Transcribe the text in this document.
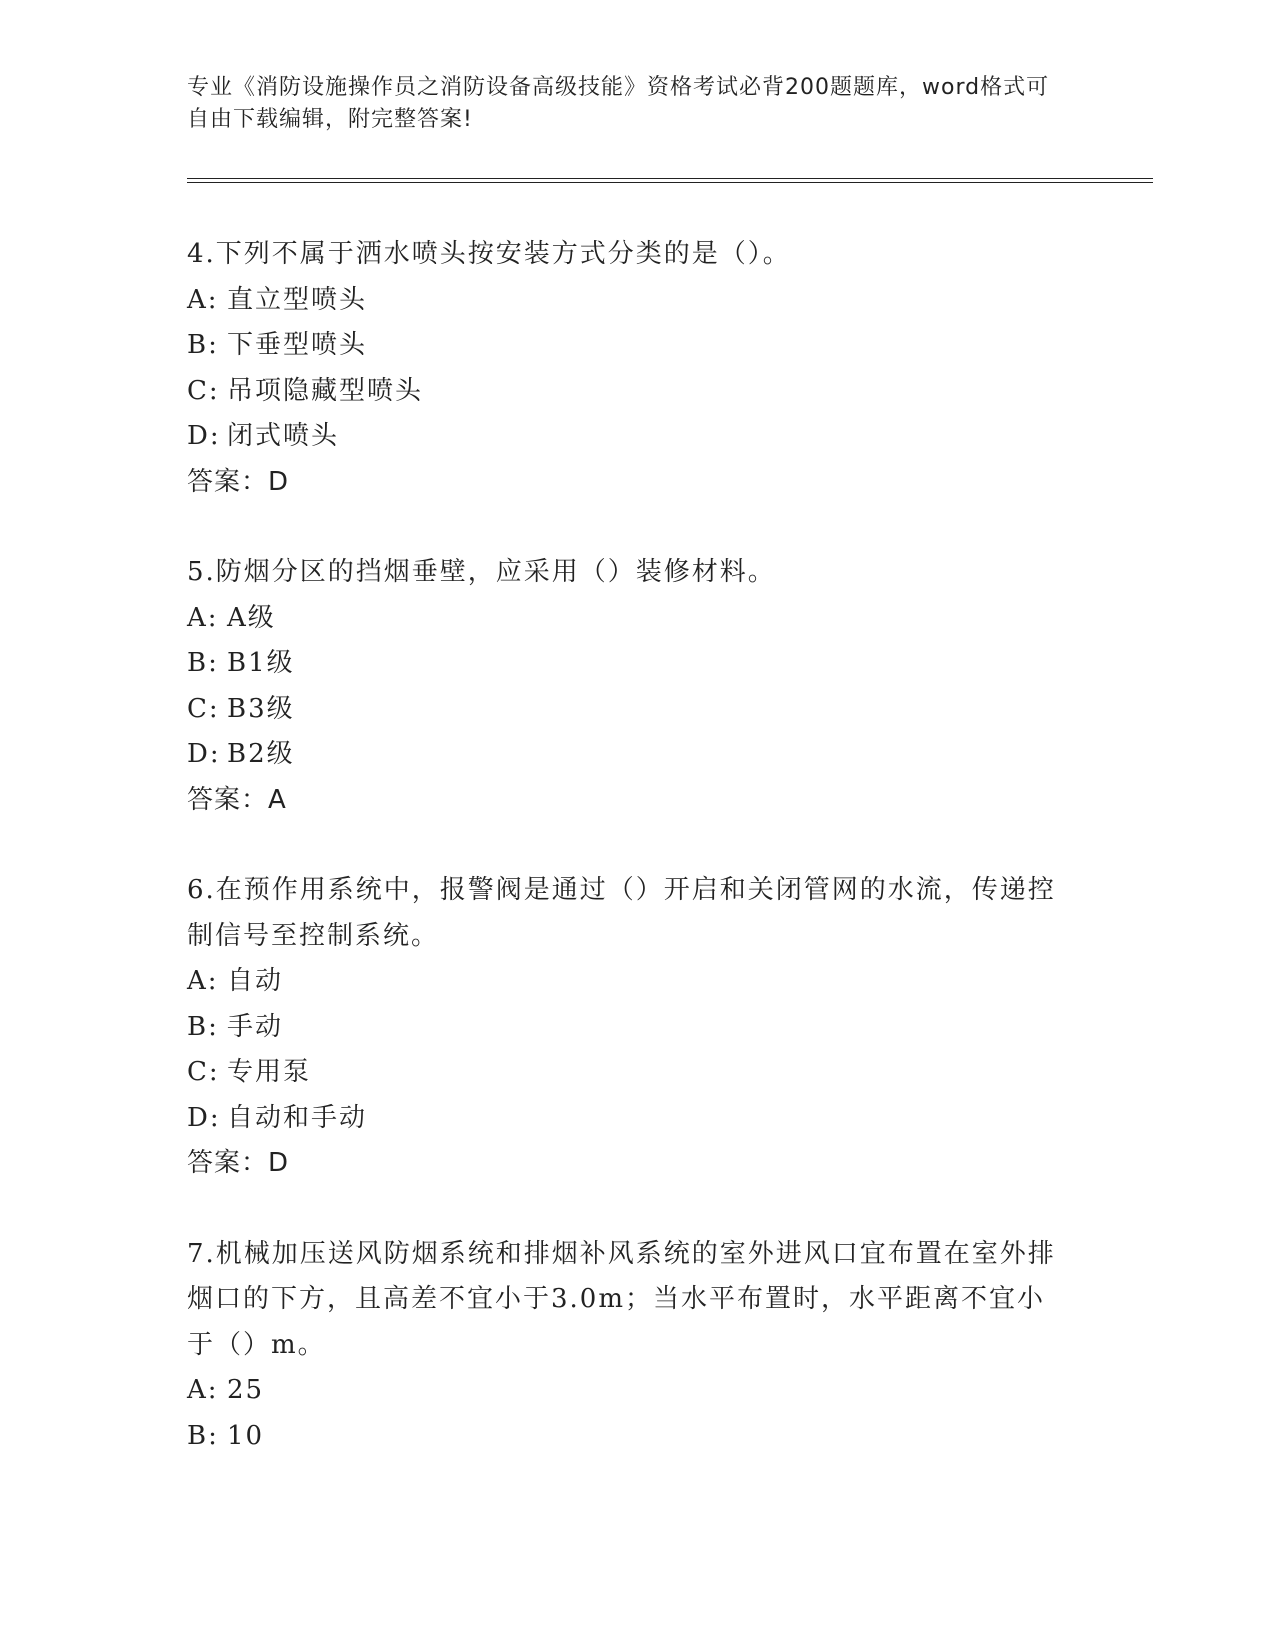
专业《消防设施操作员之消防设备高级技能》资格考试必背200题题库，word格式可自由下载编辑，附完整答案!
4.下列不属于洒水喷头按安装方式分类的是（）。
A: 直立型喷头
B: 下垂型喷头
C: 吊项隐藏型喷头
D: 闭式喷头
答案：D
5.防烟分区的挡烟垂壁，应采用（）装修材料。
A: A级
B: B1级
C: B3级
D: B2级
答案：A
6.在预作用系统中，报警阀是通过（）开启和关闭管网的水流，传递控制信号至控制系统。
A: 自动
B: 手动
C: 专用泵
D: 自动和手动
答案：D
7.机械加压送风防烟系统和排烟补风系统的室外进风口宜布置在室外排烟口的下方，且高差不宜小于3.0m；当水平布置时，水平距离不宜小于（）m。
A: 25
B: 10
